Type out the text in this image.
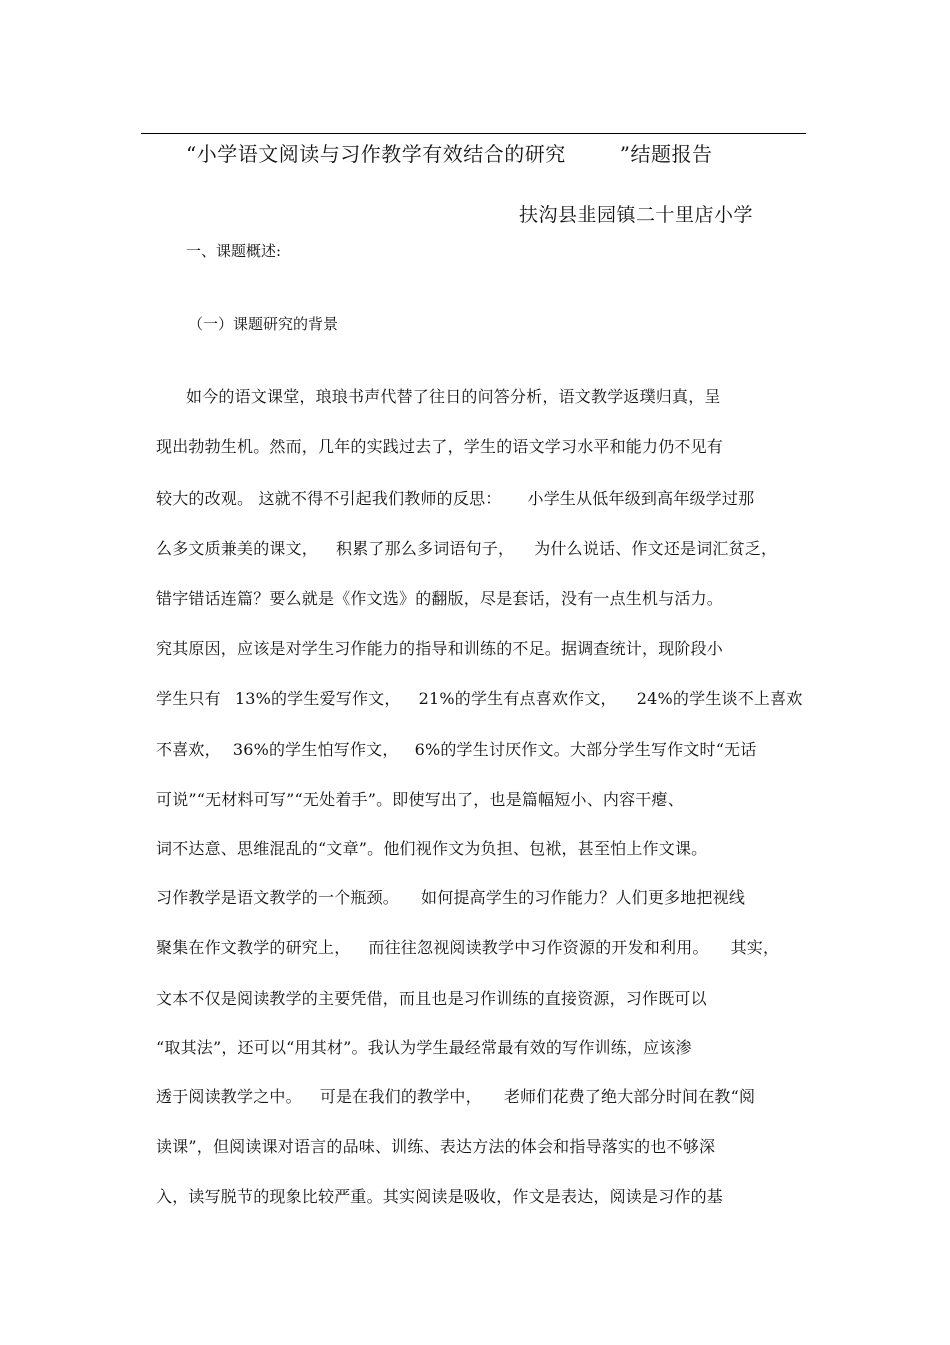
“小学语文阅读与习作教学有效结合的研究	”结题报告
扶沟县韭园镇二十里店小学
一、课题概述:
（一）课题研究的背景
如今的语文课堂，琅琅书声代替了往日的问答分析，语文教学返璞归真，呈
现出勃勃生机。然而，几年的实践过去了，学生的语文学习水平和能力仍不见有
较大的改观。 这就不得不引起我们教师的反思： 小学生从低年级到高年级学过那
么多文质兼美的课文， 积累了那么多词语句子， 为什么说话、作文还是词汇贫乏，
错字错话连篇？要么就是《作文选》的翻版，尽是套话，没有一点生机与活力。
究其原因，应该是对学生习作能力的指导和训练的不足。据调查统计，现阶段小
学生只有 13%的学生爱写作文， 21%的学生有点喜欢作文， 24%的学生谈不上喜欢
不喜欢， 36%的学生怕写作文， 6%的学生讨厌作文。大部分学生写作文时“无话
可说”“无材料可写”“无处着手”。即使写出了，也是篇幅短小、内容干瘪、
词不达意、思维混乱的“文章”。他们视作文为负担、包袱，甚至怕上作文课。
习作教学是语文教学的一个瓶颈。 如何提高学生的习作能力？人们更多地把视线
聚集在作文教学的研究上， 而往往忽视阅读教学中习作资源的开发和利用。 其实，
文本不仅是阅读教学的主要凭借，而且也是习作训练的直接资源，习作既可以
“取其法”，还可以“用其材”。我认为学生最经常最有效的写作训练，应该渗
透于阅读教学之中。 可是在我们的教学中， 老师们花费了绝大部分时间在教“阅
读课”，但阅读课对语言的品味、训练、表达方法的体会和指导落实的也不够深
入，读写脱节的现象比较严重。其实阅读是吸收，作文是表达，阅读是习作的基
